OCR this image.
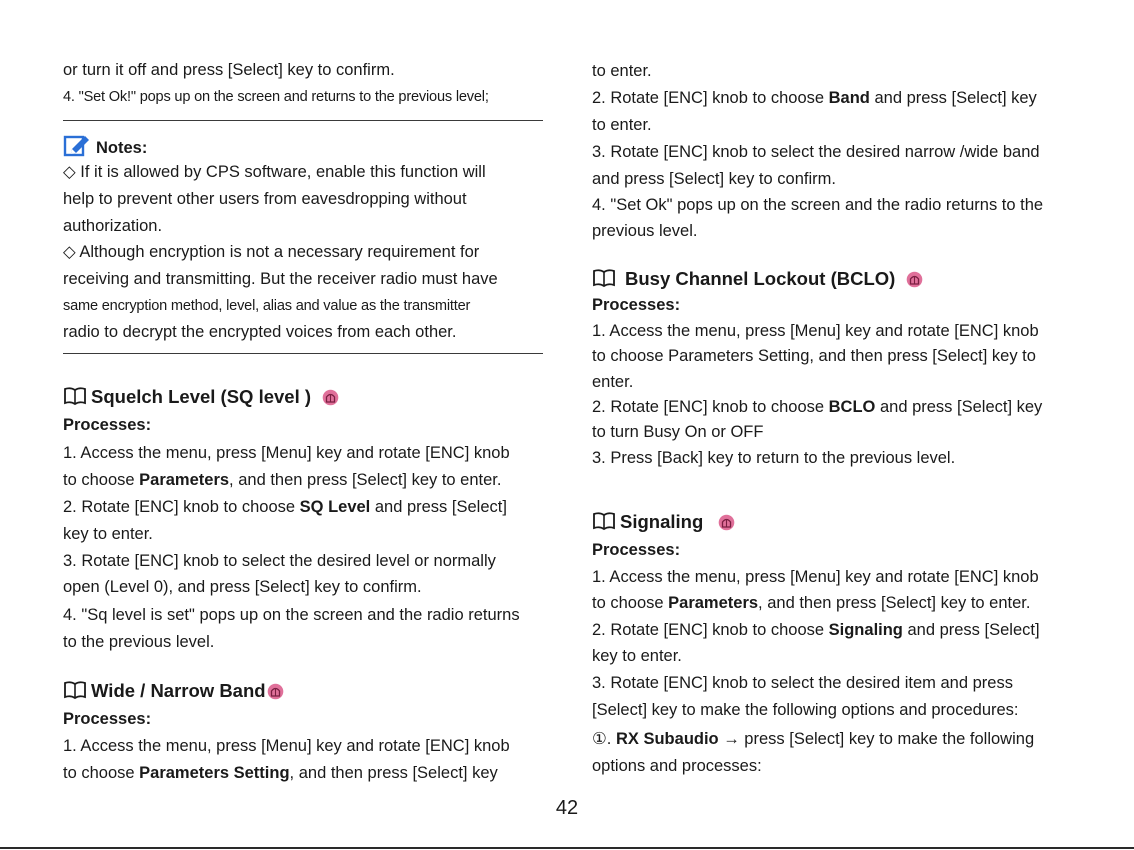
or turn it off and press [Select] key to confirm.
4. "Set Ok!" pops up on the screen and returns to the previous level;
Notes:
◇ If it is allowed by CPS software, enable this function will
help to prevent other users from eavesdropping without
authorization.
◇ Although encryption is not a necessary requirement for
receiving and transmitting. But the receiver radio must have
same encryption method, level, alias and value as the transmitter
radio to decrypt the encrypted voices from each other.
Squelch Level (SQ level )
Processes:
1. Access the menu, press [Menu] key and rotate [ENC] knob
to choose Parameters, and then press [Select] key to enter.
2. Rotate [ENC] knob to choose SQ Level and press [Select]
key to enter.
3. Rotate [ENC] knob to select the desired level or normally
open (Level 0), and press [Select] key to confirm.
4. "Sq level is set" pops up on the screen and the radio returns
to the previous level.
Wide / Narrow Band
Processes:
1. Access the menu, press [Menu] key and rotate [ENC] knob
to choose Parameters Setting, and then press [Select] key
to enter.
2. Rotate [ENC] knob to choose Band and press [Select] key
to enter.
3. Rotate [ENC] knob to select the desired narrow /wide band
and press [Select] key to confirm.
4. "Set Ok" pops up on the screen and the radio returns to the
previous level.
Busy Channel Lockout (BCLO)
Processes:
1. Access the menu, press [Menu] key and rotate [ENC] knob
to choose Parameters Setting, and then press [Select] key to
enter.
2. Rotate [ENC] knob to choose BCLO and press [Select] key
to turn Busy On or OFF
3. Press [Back] key to return to the previous level.
Signaling
Processes:
1. Access the menu, press [Menu] key and rotate [ENC] knob
to choose Parameters, and then press [Select] key to enter.
2. Rotate [ENC] knob to choose Signaling and press [Select]
key to enter.
3. Rotate [ENC] knob to select the desired item and press
[Select] key to make the following options and procedures:
①. RX Subaudio → press [Select] key to make the following
options and processes:
42
